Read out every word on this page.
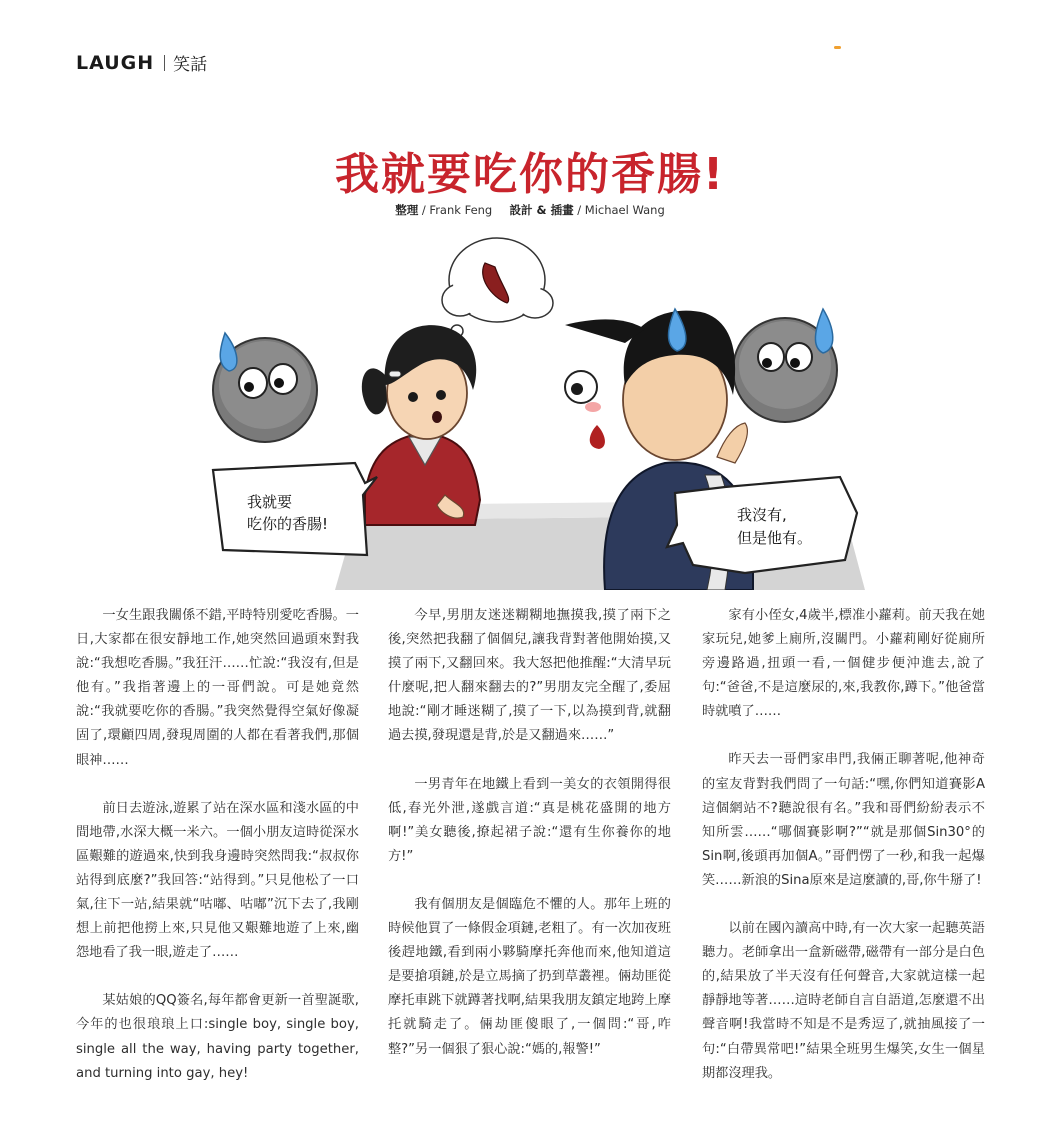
LAUGH 笑話
我就要吃你的香腸!
整理 / Frank Feng 設計 & 插畫 / Michael Wang
我就要
吃你的香腸!	我沒有,
但是他有。

一女生跟我關係不錯,平時特別愛吃香腸。一日,大家都在很安靜地工作,她突然回過頭來對我說:“我想吃香腸。”我狂汗……忙說:“我沒有,但是他有。”我指著邊上的一哥們說。可是她竟然說:“我就要吃你的香腸。”我突然覺得空氣好像凝固了,環顧四周,發現周圍的人都在看著我們,那個眼神……

前日去遊泳,遊累了站在深水區和淺水區的中間地帶,水深大概一米六。一個小朋友這時從深水區艱難的遊過來,快到我身邊時突然問我:“叔叔你站得到底麼?”我回答:“站得到。”只見他松了一口氣,往下一站,結果就“咕嘟、咕嘟”沉下去了,我剛想上前把他撈上來,只見他又艱難地遊了上來,幽怨地看了我一眼,遊走了……

某姑娘的QQ簽名,每年都會更新一首聖誕歌,今年的也很琅琅上口:single boy, single boy, single all the way, having party together, and turning into gay, hey!

今早,男朋友迷迷糊糊地撫摸我,摸了兩下之後,突然把我翻了個個兒,讓我背對著他開始摸,又摸了兩下,又翻回來。我大怒把他推醒:“大清早玩什麼呢,把人翻來翻去的?”男朋友完全醒了,委屈地說:“剛才睡迷糊了,摸了一下,以為摸到背,就翻過去摸,發現還是背,於是又翻過來……”

一男青年在地鐵上看到一美女的衣領開得很低,春光外泄,遂戲言道:“真是桃花盛開的地方啊!”美女聽後,撩起裙子說:“還有生你養你的地方!”

我有個朋友是個臨危不懼的人。那年上班的時候他買了一條假金項鏈,老粗了。有一次加夜班後趕地鐵,看到兩小夥騎摩托奔他而來,他知道這是要搶項鏈,於是立馬摘了扔到草叢裡。倆劫匪從摩托車跳下就蹲著找啊,結果我朋友鎮定地跨上摩托就騎走了。倆劫匪傻眼了,一個問:“哥,咋整?”另一個狠了狠心說:“媽的,報警!”

家有小侄女,4歲半,標准小蘿莉。前天我在她家玩兒,她爹上廁所,沒關門。小蘿莉剛好從廁所旁邊路過,扭頭一看,一個健步便沖進去,說了句:“爸爸,不是這麼尿的,來,我教你,蹲下。”他爸當時就噴了……

昨天去一哥們家串門,我倆正聊著呢,他神奇的室友背對我們問了一句話:“嘿,你們知道賽影A這個網站不?聽說很有名。”我和哥們紛紛表示不知所雲……“哪個賽影啊?”“就是那個Sin30°的Sin啊,後頭再加個A。”哥們愣了一秒,和我一起爆笑……新浪的Sina原來是這麼讀的,哥,你牛掰了!

以前在國內讀高中時,有一次大家一起聽英語聽力。老師拿出一盒新磁帶,磁帶有一部分是白色的,結果放了半天沒有任何聲音,大家就這樣一起靜靜地等著……這時老師自言自語道,怎麼還不出聲音啊!我當時不知是不是秀逗了,就抽風接了一句:“白帶異常吧!”結果全班男生爆笑,女生一個星期都沒理我。
